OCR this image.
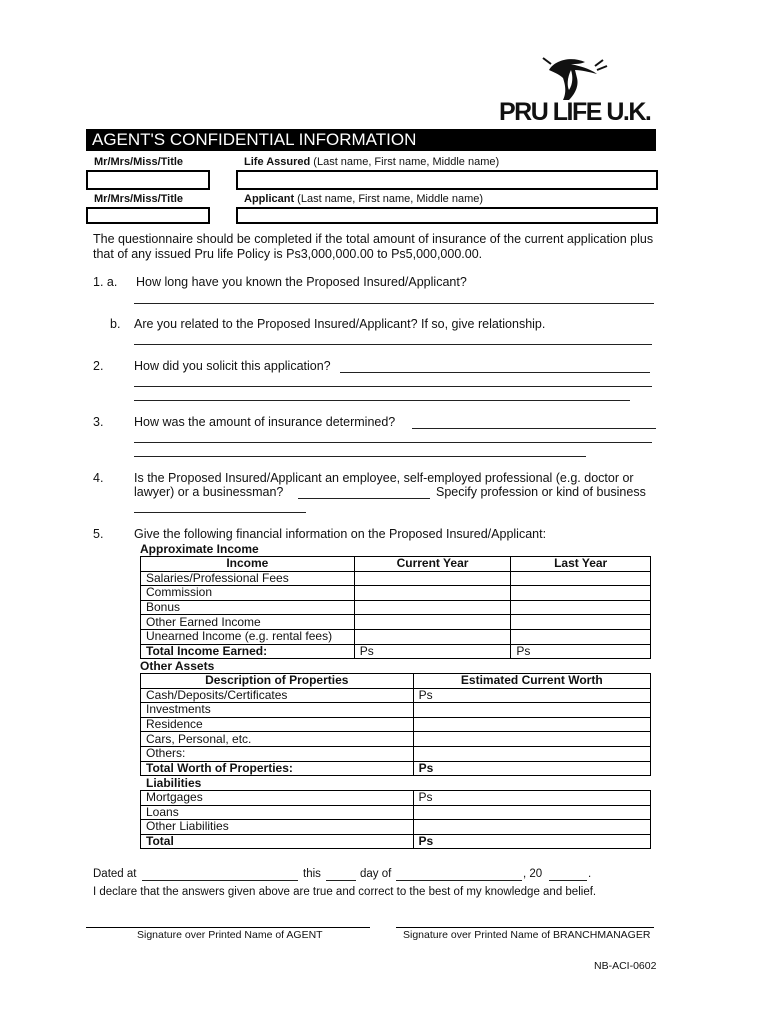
PRU LIFE U.K.
AGENT'S CONFIDENTIAL INFORMATION
Mr/Mrs/Miss/Title	Life Assured (Last name, First name, Middle name)
Mr/Mrs/Miss/Title	Applicant (Last name, First name, Middle name)
The questionnaire should be completed if the total amount of insurance of the current application plus that of any issued Pru life Policy is Ps3,000,000.00 to Ps5,000,000.00.
1. a. How long have you known the Proposed Insured/Applicant?
b. Are you related to the Proposed Insured/Applicant? If so, give relationship.
2. How did you solicit this application?
3. How was the amount of insurance determined?
4. Is the Proposed Insured/Applicant an employee, self-employed professional (e.g. doctor or
lawyer) or a businessman?	Specify profession or kind of business
5. Give the following financial information on the Proposed Insured/Applicant:
Approximate Income
Income	Current Year	Last Year
Salaries/Professional Fees		
Commission		
Bonus		
Other Earned Income		
Unearned Income (e.g. rental fees)		
Total Income Earned:	Ps	Ps
Other Assets
Description of Properties	Estimated Current Worth
Cash/Deposits/Certificates	Ps
Investments	
Residence	
Cars, Personal, etc.	
Others:	
Total Worth of Properties:	Ps
Liabilities
Mortgages	Ps
Loans	
Other Liabilities	
Total	Ps
Dated at	this	day of	, 20	.
I declare that the answers given above are true and correct to the best of my knowledge and belief.
Signature over Printed Name of AGENT	Signature over Printed Name of BRANCHMANAGER
NB-ACI-0602
